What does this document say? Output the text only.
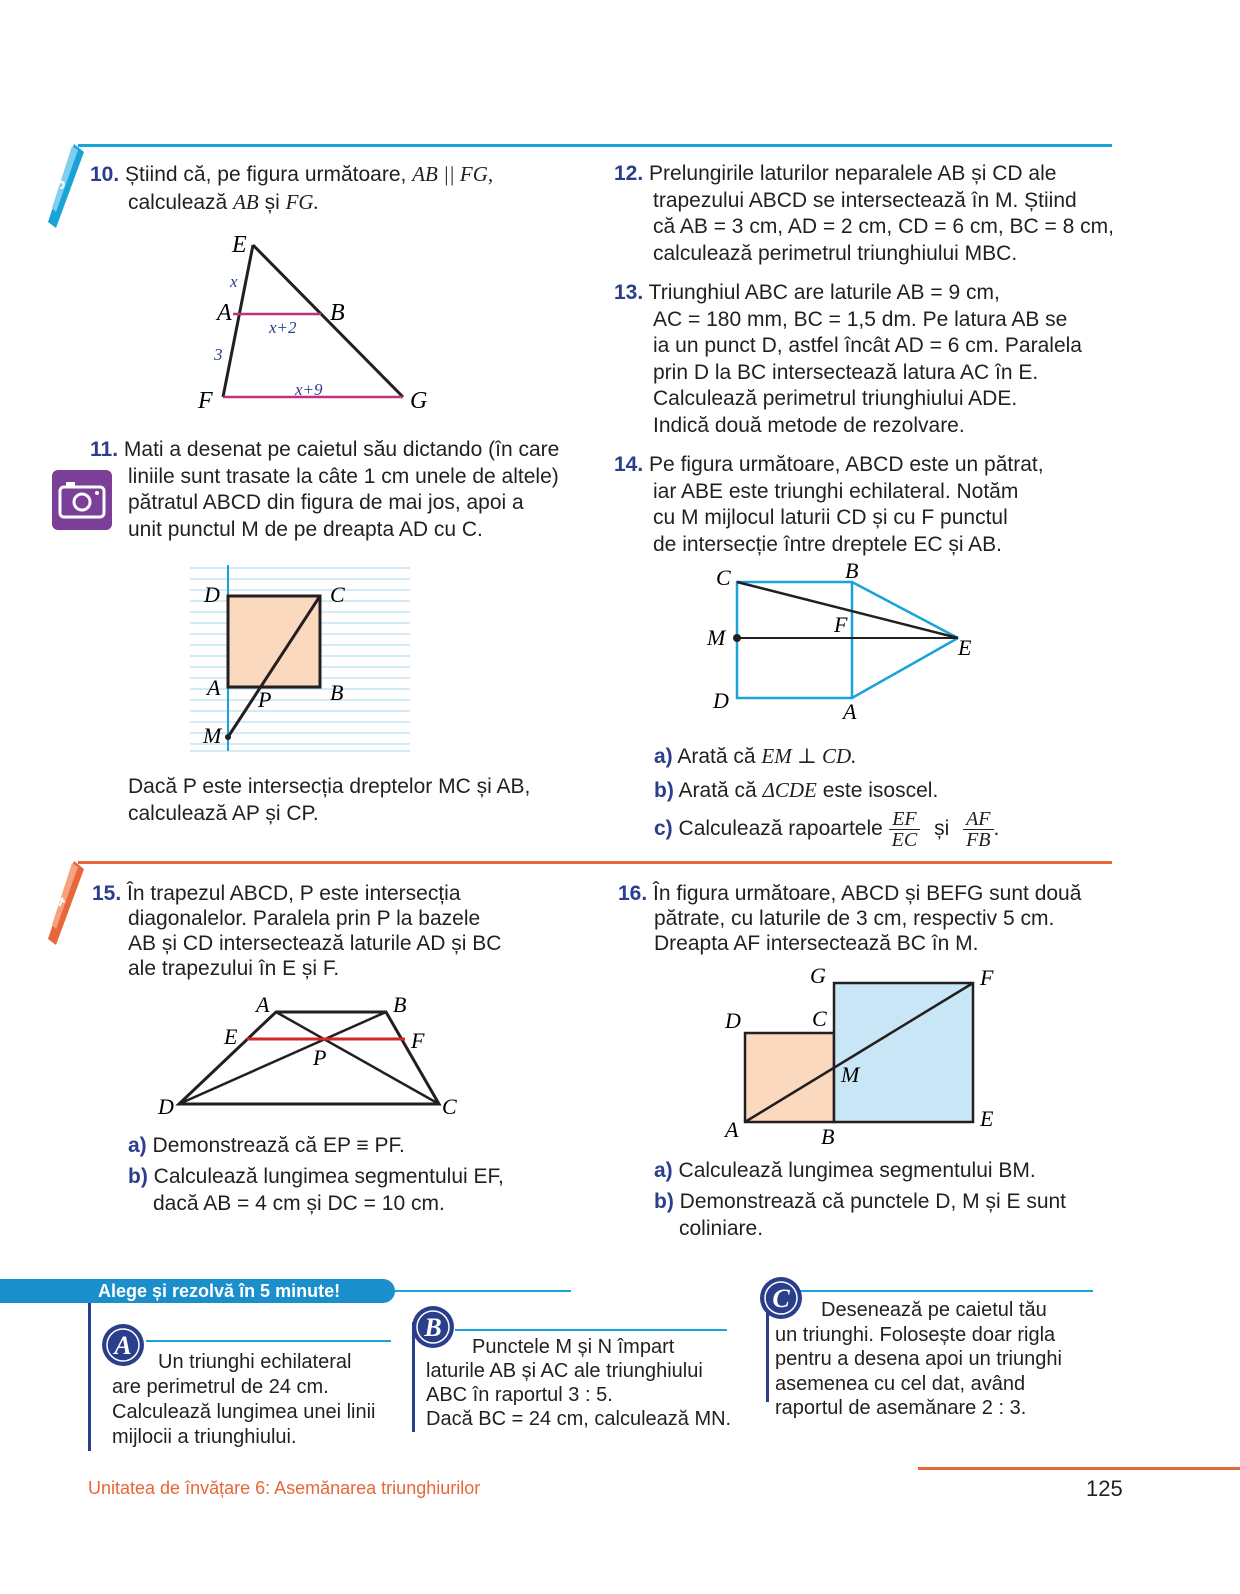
3 10. Știind că, pe figura următoare, AB || FG,
calculează AB și FG.
E
A	B
F	G
x
x+2
3
x+9
11. Mati a desenat pe caietul său dictando (în care
liniile sunt trasate la câte 1 cm unele de altele)
pătratul ABCD din figura de mai jos, apoi a
unit punctul M de pe dreapta AD cu C.
D	C
A	B
P
M
Dacă P este intersecția dreptelor MC și AB,
calculează AP și CP.
12. Prelungirile laturilor neparalele AB și CD ale
trapezului ABCD se intersectează în M. Știind
că AB = 3 cm, AD = 2 cm, CD = 6 cm, BC = 8 cm,
calculează perimetrul triunghiului MBC.
13. Triunghiul ABC are laturile AB = 9 cm,
AC = 180 mm, BC = 1,5 dm. Pe latura AB se
ia un punct D, astfel încât AD = 6 cm. Paralela
prin D la BC intersectează latura AC în E.
Calculează perimetrul triunghiului ADE.
Indică două metode de rezolvare.
14. Pe figura următoare, ABCD este un pătrat,
iar ABE este triunghi echilateral. Notăm
cu M mijlocul laturii CD și cu F punctul
de intersecție între dreptele EC și AB.
C	B
M
F
E
D	A
a) Arată că EM ⊥ CD.
b) Arată că ΔCDE este isoscel.
c) Calculează rapoartele $\frac{EF}{EC}$ și $\frac{AF}{FB}$ .
4 15. În trapezul ABCD, P este intersecția
diagonalelor. Paralela prin P la bazele
AB și CD intersectează laturile AD și BC
ale trapezului în E și F.
A	B
E	F
P
D	C
a) Demonstrează că EP ≡ PF.
b) Calculează lungimea segmentului EF,
dacă AB = 4 cm și DC = 10 cm.
16. În figura următoare, ABCD și BEFG sunt două
pătrate, cu laturile de 3 cm, respectiv 5 cm.
Dreapta AF intersectează BC în M.
G	F
D	C
M
A	B
E
a) Calculează lungimea segmentului BM.
b) Demonstrează că punctele D, M și E sunt
coliniare.
Alege și rezolvă în 5 minute!
A
Un triunghi echilateral
are perimetrul de 24 cm.
Calculează lungimea unei linii
mijlocii a triunghiului.
B
Punctele M și N împart
laturile AB și AC ale triunghiului
ABC în raportul 3 : 5.
Dacă BC = 24 cm, calculează MN.
C	Desenează pe caietul tău
un triunghi. Folosește doar rigla
pentru a desena apoi un triunghi
asemenea cu cel dat, având
raportul de asemănare 2 : 3.
Unitatea de învățare 6: Asemănarea triunghiurilor	125
